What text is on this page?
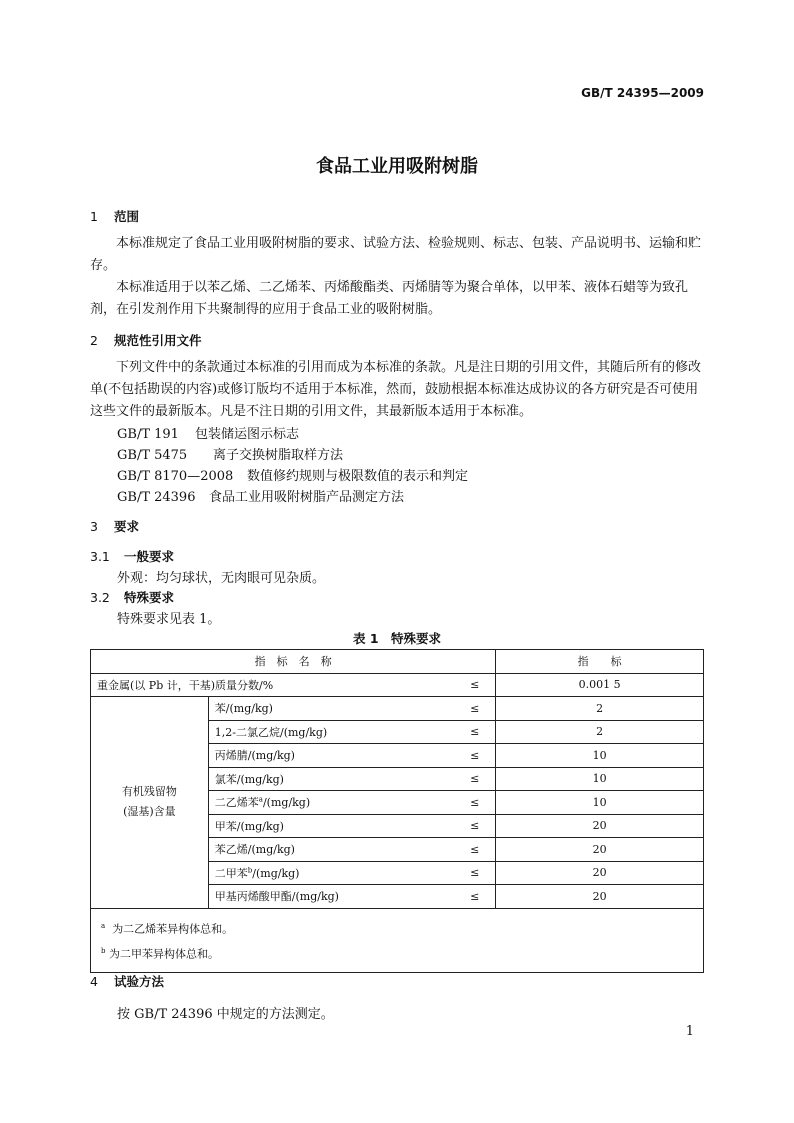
GB/T 24395—2009
食品工业用吸附树脂
1 范围
本标准规定了食品工业用吸附树脂的要求、试验方法、检验规则、标志、包装、产品说明书、运输和贮存。
本标准适用于以苯乙烯、二乙烯苯、丙烯酸酯类、丙烯腈等为聚合单体，以甲苯、液体石蜡等为致孔剂，在引发剂作用下共聚制得的应用于食品工业的吸附树脂。
2 规范性引用文件
下列文件中的条款通过本标准的引用而成为本标准的条款。凡是注日期的引用文件，其随后所有的修改单(不包括勘误的内容)或修订版均不适用于本标准，然而，鼓励根据本标准达成协议的各方研究是否可使用这些文件的最新版本。凡是不注日期的引用文件，其最新版本适用于本标准。
GB/T 191 包装储运图示标志
GB/T 5475 离子交换树脂取样方法
GB/T 8170—2008 数值修约规则与极限数值的表示和判定
GB/T 24396 食品工业用吸附树脂产品测定方法
3 要求
3.1 一般要求
外观：均匀球状，无肉眼可见杂质。
3.2 特殊要求
特殊要求见表 1。
表 1　特殊要求
指　标　名　称			指　　标
重金属(以 Pb 计，干基)质量分数/%		≤	0.001 5

有机残留物
(湿基)含量	苯/(mg/kg)	≤	2
	1,2-二氯乙烷/(mg/kg)	≤	2
	丙烯腈/(mg/kg)	≤	10
	氯苯/(mg/kg)	≤	10
	二乙烯苯$^a$/(mg/kg)	≤	10
	甲苯/(mg/kg)	≤	20
	苯乙烯/(mg/kg)	≤	20
	二甲苯$^b$/(mg/kg)	≤	20
	甲基丙烯酸甲酯/(mg/kg)	≤	20

$^a$ 为二乙烯苯异构体总和。
$^b$ 为二甲苯异构体总和。			
4 试验方法
按 GB/T 24396 中规定的方法测定。
1
